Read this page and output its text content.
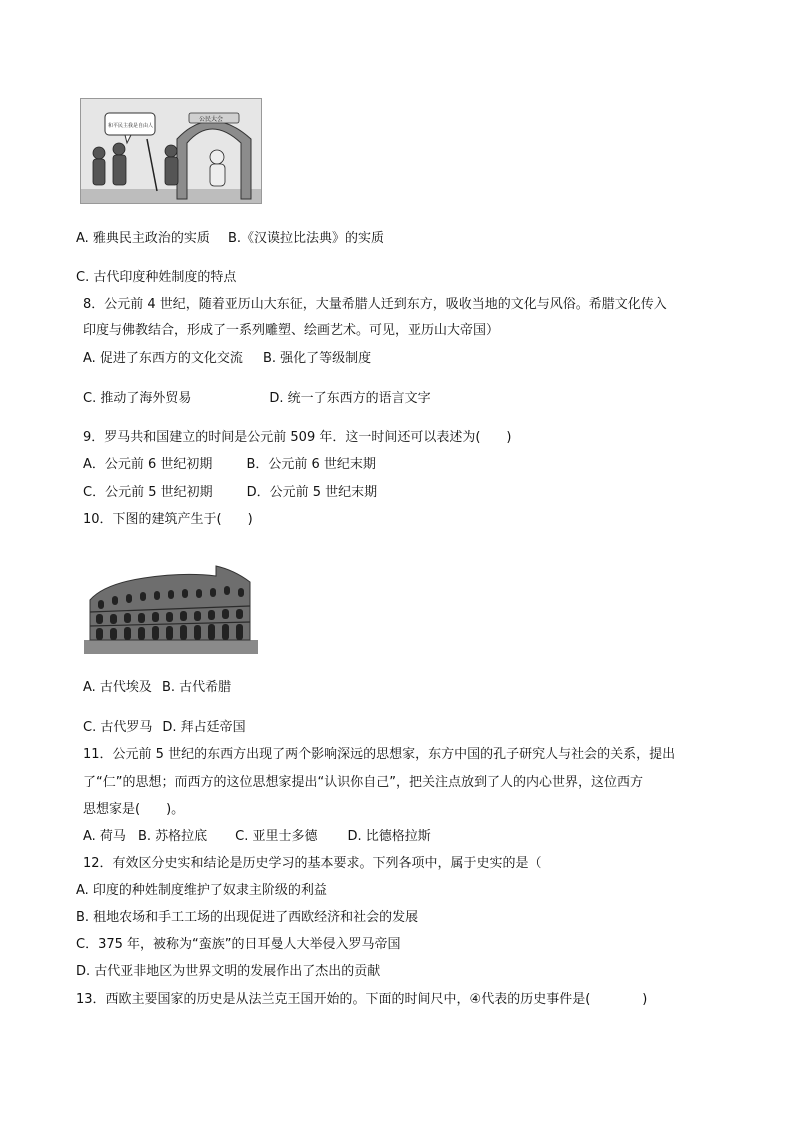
和平民主我是自由人
公民大会
A. 雅典民主政治的实质 B.《汉谟拉比法典》的实质
C. 古代印度种姓制度的特点
8．公元前 4 世纪，随着亚历山大东征，大量希腊人迁到东方，吸收当地的文化与风俗。希腊文化传入
印度与佛教结合，形成了一系列雕塑、绘画艺术。可见，亚历山大帝国）
A. 促进了东西方的文化交流 B. 强化了等级制度
C. 推动了海外贸易	D. 统一了东西方的语言文字
9．罗马共和国建立的时间是公元前 509 年．这一时间还可以表述为(　　)
A．公元前 6 世纪初期	B．公元前 6 世纪末期
C．公元前 5 世纪初期	D．公元前 5 世纪末期
10．下图的建筑产生于(　　)
A. 古代埃及 B. 古代希腊
C. 古代罗马 D. 拜占廷帝国
11．公元前 5 世纪的东西方出现了两个影响深远的思想家，东方中国的孔子研究人与社会的关系，提出
了“仁”的思想；而西方的这位思想家提出“认识你自己”，把关注点放到了人的内心世界，这位西方
思想家是(　　)。
A. 荷马 B. 苏格拉底 C. 亚里士多德 D. 比德格拉斯
12．有效区分史实和结论是历史学习的基本要求。下列各项中，属于史实的是（
A. 印度的种姓制度维护了奴隶主阶级的利益
B. 租地农场和手工工场的出现促进了西欧经济和社会的发展
C．375 年，被称为“蛮族”的日耳曼人大举侵入罗马帝国
D. 古代亚非地区为世界文明的发展作出了杰出的贡献
13．西欧主要国家的历史是从法兰克王国开始的。下面的时间尺中，④代表的历史事件是(　　　　)
